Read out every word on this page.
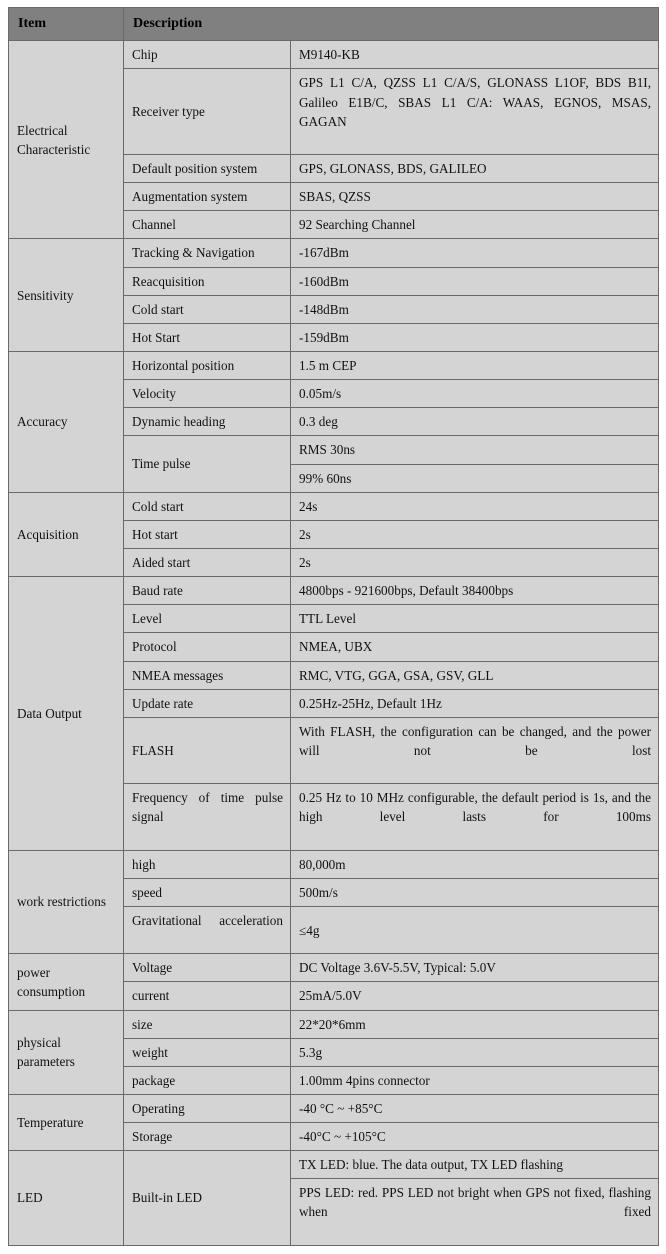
Item	Description	
Electrical Characteristic	Chip	M9140-KB
	Receiver type	GPS L1 C/A, QZSS L1 C/A/S, GLONASS L1OF, BDS B1I, Galileo E1B/C, SBAS L1 C/A: WAAS, EGNOS, MSAS, GAGAN
	Default position system	GPS, GLONASS, BDS, GALILEO
	Augmentation system	SBAS, QZSS
	Channel	92 Searching Channel
Sensitivity	Tracking & Navigation	-167dBm
	Reacquisition	-160dBm
	Cold start	-148dBm
	Hot Start	-159dBm
Accuracy	Horizontal position	1.5 m CEP
	Velocity	0.05m/s
	Dynamic heading	0.3 deg
	Time pulse	RMS 30ns
		99% 60ns
Acquisition	Cold start	24s
	Hot start	2s
	Aided start	2s
Data Output	Baud rate	4800bps - 921600bps, Default 38400bps
	Level	TTL Level
	Protocol	NMEA, UBX
	NMEA messages	RMC, VTG, GGA, GSA, GSV, GLL
	Update rate	0.25Hz-25Hz, Default 1Hz
	FLASH	With FLASH, the configuration can be changed, and the power will not be lost
	Frequency of time pulse signal	0.25 Hz to 10 MHz configurable, the default period is 1s, and the high level lasts for 100ms
work restrictions	high	80,000m
	speed	500m/s
	Gravitational acceleration	≤4g
power consumption	Voltage	DC Voltage 3.6V-5.5V, Typical: 5.0V
	current	25mA/5.0V
physical parameters	size	22*20*6mm
	weight	5.3g
	package	1.00mm 4pins connector
Temperature	Operating	-40 °C ~ +85°C
	Storage	-40°C ~ +105°C
LED	Built-in LED	TX LED: blue. The data output, TX LED flashing
		PPS LED: red. PPS LED not bright when GPS not fixed, flashing when fixed
